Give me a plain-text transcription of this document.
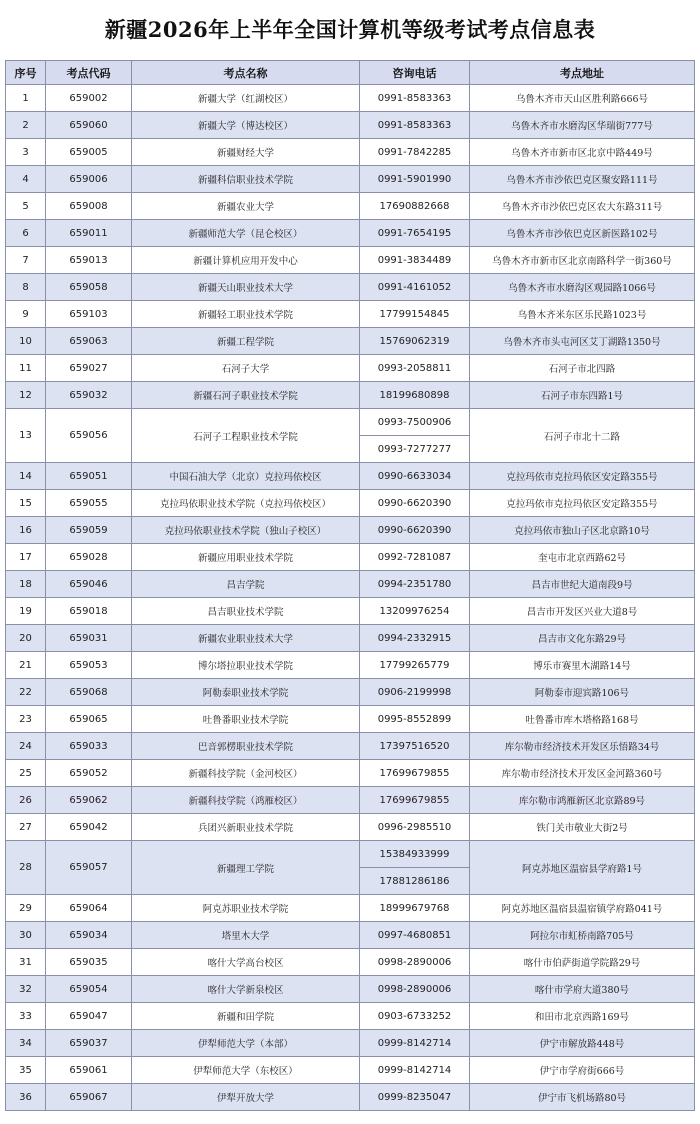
新疆2026年上半年全国计算机等级考试考点信息表
序号	考点代码	考点名称	咨询电话	考点地址
1	659002	新疆大学（红湖校区）	0991-8583363	乌鲁木齐市天山区胜利路666号
2	659060	新疆大学（博达校区）	0991-8583363	乌鲁木齐市水磨沟区华瑞街777号
3	659005	新疆财经大学	0991-7842285	乌鲁木齐市新市区北京中路449号
4	659006	新疆科信职业技术学院	0991-5901990	乌鲁木齐市沙依巴克区聚安路111号
5	659008	新疆农业大学	17690882668	乌鲁木齐市沙依巴克区农大东路311号
6	659011	新疆师范大学（昆仑校区）	0991-7654195	乌鲁木齐市沙依巴克区新医路102号
7	659013	新疆计算机应用开发中心	0991-3834489	乌鲁木齐市新市区北京南路科学一街360号
8	659058	新疆天山职业技术大学	0991-4161052	乌鲁木齐市水磨沟区观园路1066号
9	659103	新疆轻工职业技术学院	17799154845	乌鲁木齐米东区乐民路1023号
10	659063	新疆工程学院	15769062319	乌鲁木齐市头屯河区艾丁湖路1350号
11	659027	石河子大学	0993-2058811	石河子市北四路
12	659032	新疆石河子职业技术学院	18199680898	石河子市东四路1号
13	659056	石河子工程职业技术学院	0993-7500906	石河子市北十二路
			0993-7277277	
14	659051	中国石油大学（北京）克拉玛依校区	0990-6633034	克拉玛依市克拉玛依区安定路355号
15	659055	克拉玛依职业技术学院（克拉玛依校区）	0990-6620390	克拉玛依市克拉玛依区安定路355号
16	659059	克拉玛依职业技术学院（独山子校区）	0990-6620390	克拉玛依市独山子区北京路10号
17	659028	新疆应用职业技术学院	0992-7281087	奎屯市北京西路62号
18	659046	昌吉学院	0994-2351780	昌吉市世纪大道南段9号
19	659018	昌吉职业技术学院	13209976254	昌吉市开发区兴业大道8号
20	659031	新疆农业职业技术大学	0994-2332915	昌吉市文化东路29号
21	659053	博尔塔拉职业技术学院	17799265779	博乐市赛里木湖路14号
22	659068	阿勒泰职业技术学院	0906-2199998	阿勒泰市迎宾路106号
23	659065	吐鲁番职业技术学院	0995-8552899	吐鲁番市库木塔格路168号
24	659033	巴音郭楞职业技术学院	17397516520	库尔勒市经济技术开发区乐悟路34号
25	659052	新疆科技学院（金河校区）	17699679855	库尔勒市经济技术开发区金河路360号
26	659062	新疆科技学院（鸿雁校区）	17699679855	库尔勒市鸿雁新区北京路89号
27	659042	兵团兴新职业技术学院	0996-2985510	铁门关市敬业大街2号
28	659057	新疆理工学院	15384933999	阿克苏地区温宿县学府路1号
			17881286186	
29	659064	阿克苏职业技术学院	18999679768	阿克苏地区温宿县温宿镇学府路041号
30	659034	塔里木大学	0997-4680851	阿拉尔市虹桥南路705号
31	659035	喀什大学高台校区	0998-2890006	喀什市伯萨街道学院路29号
32	659054	喀什大学新泉校区	0998-2890006	喀什市学府大道380号
33	659047	新疆和田学院	0903-6733252	和田市北京西路169号
34	659037	伊犁师范大学（本部）	0999-8142714	伊宁市解放路448号
35	659061	伊犁师范大学（东校区）	0999-8142714	伊宁市学府街666号
36	659067	伊犁开放大学	0999-8235047	伊宁市飞机场路80号
